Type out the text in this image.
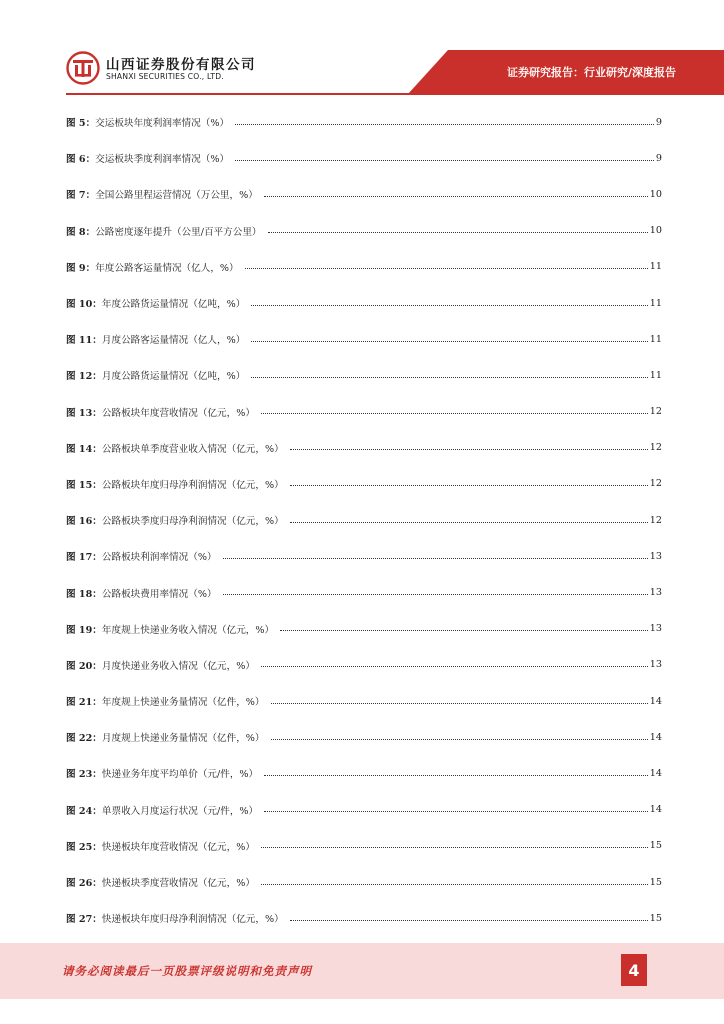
山西证券股份有限公司
SHANXI SECURITIES CO., LTD.	证券研究报告：行业研究/深度报告
图 5： 交运板块年度利润率情况（%）	9
图 6： 交运板块季度利润率情况（%）	9
图 7： 全国公路里程运营情况（万公里，%）	10
图 8： 公路密度逐年提升（公里/百平方公里）	10
图 9： 年度公路客运量情况（亿人，%）	11
图 10： 年度公路货运量情况（亿吨，%）	11
图 11： 月度公路客运量情况（亿人，%）	11
图 12： 月度公路货运量情况（亿吨，%）	11
图 13： 公路板块年度营收情况（亿元，%）	12
图 14： 公路板块单季度营业收入情况（亿元，%）	12
图 15： 公路板块年度归母净利润情况（亿元，%）	12
图 16： 公路板块季度归母净利润情况（亿元，%）	12
图 17： 公路板块利润率情况（%）	13
图 18： 公路板块费用率情况（%）	13
图 19： 年度规上快递业务收入情况（亿元，%）	13
图 20： 月度快递业务收入情况（亿元，%）	13
图 21： 年度规上快递业务量情况（亿件，%）	14
图 22： 月度规上快递业务量情况（亿件，%）	14
图 23： 快递业务年度平均单价（元/件，%）	14
图 24： 单票收入月度运行状况（元/件，%）	14
图 25： 快递板块年度营收情况（亿元，%）	15
图 26： 快递板块季度营收情况（亿元，%）	15
图 27： 快递板块年度归母净利润情况（亿元，%）	15
请务必阅读最后一页股票评级说明和免责声明	4
